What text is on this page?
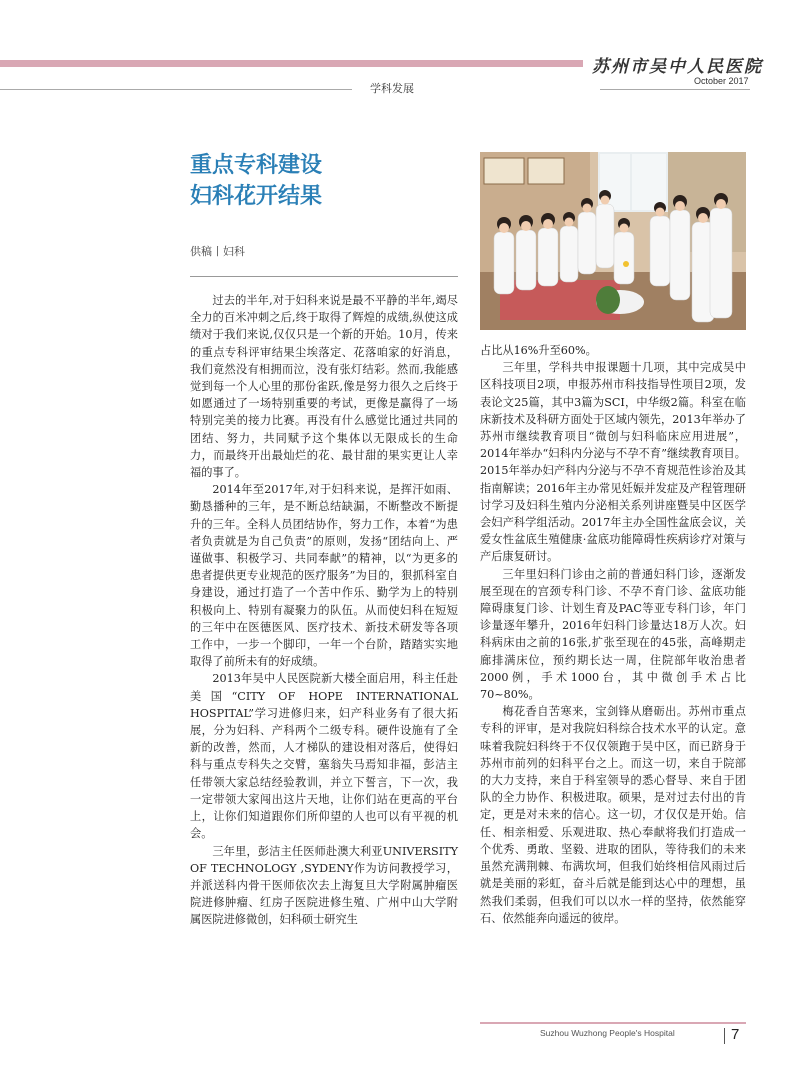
苏州市吴中人民医院
学科发展
October 2017
重点专科建设
妇科花开结果
供稿丨妇科

过去的半年,对于妇科来说是最不平静的半年,竭尽全力的百米冲刺之后,终于取得了辉煌的成绩,纵使这成绩对于我们来说,仅仅只是一个新的开始。10月，传来的重点专科评审结果尘埃落定、花落咱家的好消息，我们竟然没有相拥而泣，没有张灯结彩。然而,我能感觉到每一个人心里的那份雀跃,像是努力很久之后终于如愿通过了一场特别重要的考试，更像是赢得了一场特别完美的接力比赛。再没有什么感觉比通过共同的团结、努力，共同赋予这个集体以无限成长的生命力，而最终开出最灿烂的花、最甘甜的果实更让人幸福的事了。

2014年至2017年,对于妇科来说，是挥汗如雨、勤恳播种的三年，是不断总结缺漏，不断整改不断提升的三年。全科人员团结协作，努力工作，本着“为患者负责就是为自己负责”的原则，发扬“团结向上、严谨做事、积极学习、共同奉献”的精神，以“为更多的患者提供更专业规范的医疗服务”为目的，狠抓科室自身建设，通过打造了一个苦中作乐、勤学为上的特别积极向上、特别有凝聚力的队伍。从而使妇科在短短的三年中在医德医风、医疗技术、新技术研发等各项工作中，一步一个脚印，一年一个台阶，踏踏实实地取得了前所未有的好成绩。

2013年吴中人民医院新大楼全面启用，科主任赴美国“CITY OF HOPE INTERNATIONAL HOSPITAL”学习进修归来，妇产科业务有了很大拓展，分为妇科、产科两个二级专科。硬件设施有了全新的改善，然而，人才梯队的建设相对落后，使得妇科与重点专科失之交臂，塞翁失马焉知非福，彭洁主任带领大家总结经验教训，并立下誓言，下一次，我一定带领大家闯出这片天地，让你们站在更高的平台上，让你们知道跟你们所仰望的人也可以有平视的机会。

三年里，彭洁主任医师赴澳大利亚UNIVERSITY OF TECHNOLOGY ,SYDENY作为访问教授学习，并派送科内骨干医师依次去上海复旦大学附属肿瘤医院进修肿瘤、红房子医院进修生殖、广州中山大学附属医院进修微创，妇科硕士研究生

占比从16%升至60%。

三年里，学科共申报课题十几项，其中完成吴中区科技项目2项，申报苏州市科技指导性项目2项，发表论文25篇，其中3篇为SCI，中华级2篇。科室在临床新技术及科研方面处于区域内领先，2013年举办了苏州市继续教育项目“微创与妇科临床应用进展”，2014年举办“妇科内分泌与不孕不育”继续教育项目。2015年举办妇产科内分泌与不孕不育规范性诊治及其指南解读；2016年主办常见妊娠并发症及产程管理研讨学习及妇科生殖内分泌相关系列讲座暨吴中区医学会妇产科学组活动。2017年主办全国性盆底会议，关爱女性盆底生殖健康·盆底功能障碍性疾病诊疗对策与产后康复研讨。

三年里妇科门诊由之前的普通妇科门诊，逐渐发展至现在的宫颈专科门诊、不孕不育门诊、盆底功能障碍康复门诊、计划生育及PAC等亚专科门诊，年门诊量逐年攀升，2016年妇科门诊量达18万人次。妇科病床由之前的16张,扩张至现在的45张，高峰期走廊排满床位，预约期长达一周，住院部年收治患者2000例，手术1000台，其中微创手术占比70~80%。

梅花香自苦寒来，宝剑锋从磨砺出。苏州市重点专科的评审，是对我院妇科综合技术水平的认定。意味着我院妇科终于不仅仅领跑于吴中区，而已跻身于苏州市前列的妇科平台之上。而这一切，来自于院部的大力支持，来自于科室领导的悉心督导、来自于团队的全力协作、积极进取。硕果，是对过去付出的肯定，更是对未来的信心。这一切，才仅仅是开始。信任、相亲相爱、乐观进取、热心奉献将我们打造成一个优秀、勇敢、坚毅、进取的团队，等待我们的未来虽然充满荆棘、布满坎坷，但我们始终相信风雨过后就是美丽的彩虹，奋斗后就是能到达心中的理想，虽然我们柔弱，但我们可以以水一样的坚持，依然能穿石、依然能奔向遥远的彼岸。

Suzhou Wuzhong People's Hospital	7
